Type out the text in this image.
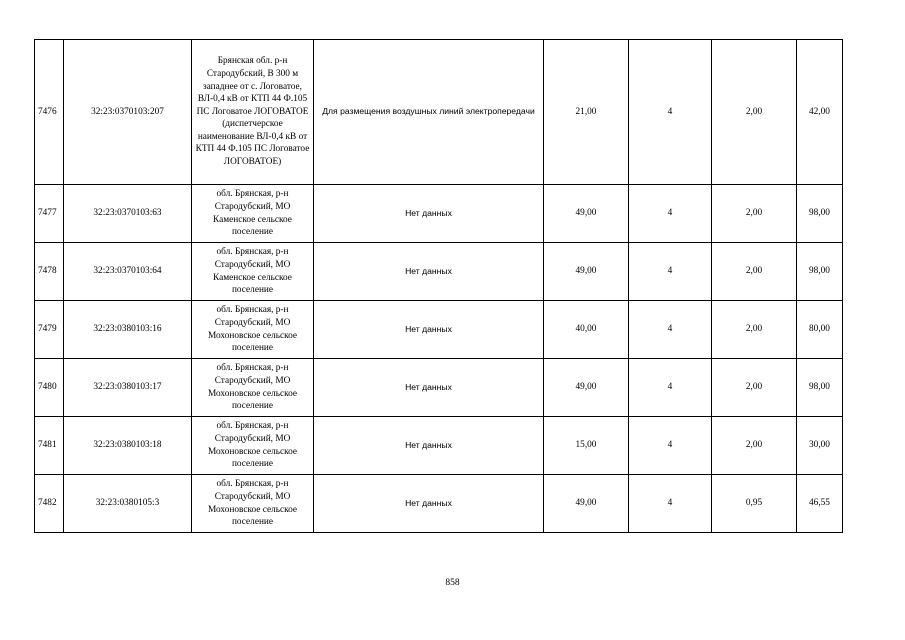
7476	32:23:0370103:207	Брянская обл. р-н Стародубский, В 300 м западнее от с. Логоватое, ВЛ-0,4 кВ от КТП 44 Ф.105 ПС Логоватое ЛОГОВАТОЕ (диспетчерское наименование ВЛ-0,4 кВ от КТП 44 Ф.105 ПС Логоватое ЛОГОВАТОЕ)	Для размещения воздушных линий электропередачи	21,00	4	2,00	42,00
7477	32:23:0370103:63	обл. Брянская, р-н Стародубский, МО Каменское сельское поселение	Нет данных	49,00	4	2,00	98,00
7478	32:23:0370103:64	обл. Брянская, р-н Стародубский, МО Каменское сельское поселение	Нет данных	49,00	4	2,00	98,00
7479	32:23:0380103:16	обл. Брянская, р-н Стародубский, МО Мохоновское сельское поселение	Нет данных	40,00	4	2,00	80,00
7480	32:23:0380103:17	обл. Брянская, р-н Стародубский, МО Мохоновское сельское поселение	Нет данных	49,00	4	2,00	98,00
7481	32:23:0380103:18	обл. Брянская, р-н Стародубский, МО Мохоновское сельское поселение	Нет данных	15,00	4	2,00	30,00
7482	32:23:0380105:3	обл. Брянская, р-н Стародубский, МО Мохоновское сельское поселение	Нет данных	49,00	4	0,95	46,55
858
